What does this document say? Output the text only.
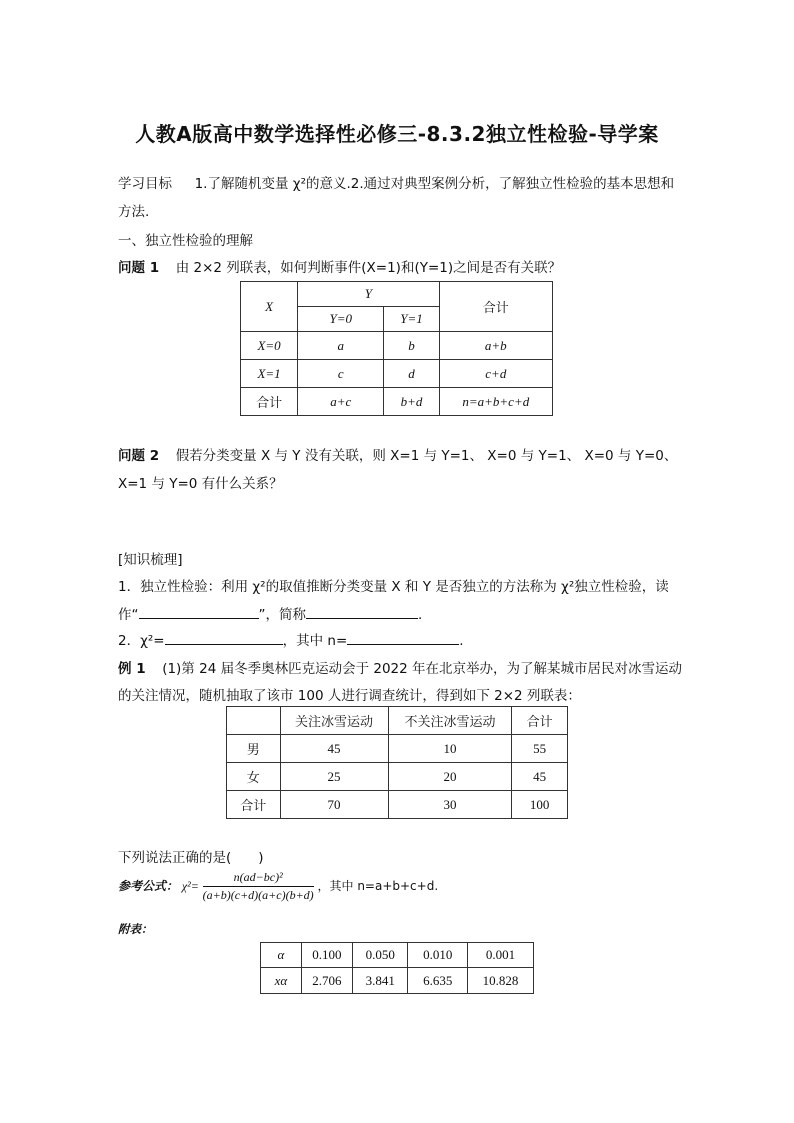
人教A版高中数学选择性必修三-8.3.2独立性检验-导学案
学习目标 1.了解随机变量 χ²的意义.2.通过对典型案例分析，了解独立性检验的基本思想和
方法.
一、独立性检验的理解
问题 1 由 2×2 列联表，如何判断事件(X=1)和(Y=1)之间是否有关联？
X	Y		合计
	Y=0	Y=1	
X=0	a	b	a+b
X=1	c	d	c+d
合计	a+c	b+d	n=a+b+c+d
问题 2 假若分类变量 X 与 Y 没有关联，则 X=1 与 Y=1、 X=0 与 Y=1、 X=0 与 Y=0、
X=1 与 Y=0 有什么关系？
[知识梳理]
1．独立性检验：利用 χ²的取值推断分类变量 X 和 Y 是否独立的方法称为 χ²独立性检验，读
作“	”，简称	.
2．χ²=	，其中 n=	.
例 1 (1)第 24 届冬季奥林匹克运动会于 2022 年在北京举办，为了解某城市居民对冰雪运动
的关注情况，随机抽取了该市 100 人进行调查统计，得到如下 2×2 列联表：
	关注冰雪运动	不关注冰雪运动	合计
男	45	10	55
女	25	20	45
合计	70	30	100
下列说法正确的是(　　)
参考公式： $\chi^2= \frac{\text{n(ad−bc)²}}{(a+b)(c+d)(a+c)(b+d)}$ ，其中 n=a+b+c+d.
附表：
α	0.100	0.050	0.010	0.001
xα	2.706	3.841	6.635	10.828
